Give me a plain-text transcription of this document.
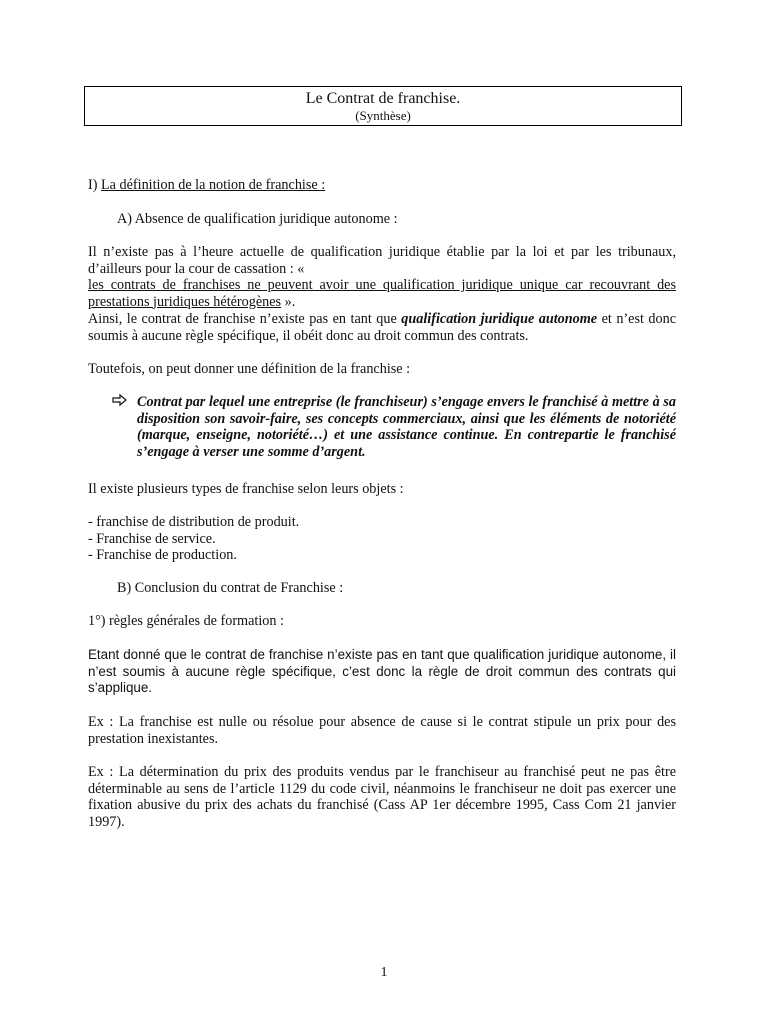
Le Contrat de franchise.
(Synthèse)
I) La définition de la notion de franchise :
A) Absence de qualification juridique autonome :
Il n’existe pas à l’heure actuelle de qualification juridique établie par la loi et par les tribunaux, d’ailleurs pour la cour de cassation : «les contrats de franchises ne peuvent avoir une qualification juridique unique car recouvrant des prestations juridiques hétérogènes ».
Ainsi, le contrat de franchise n’existe pas en tant que qualification juridique autonome et n’est donc soumis à aucune règle spécifique, il obéit donc au droit commun des contrats.
Toutefois, on peut donner une définition de la franchise :
Contrat par lequel une entreprise (le franchiseur) s’engage envers le franchisé à mettre à sa disposition son savoir-faire, ses concepts commerciaux, ainsi que les éléments de notoriété (marque, enseigne, notoriété…) et une assistance continue. En contrepartie le franchisé s’engage à verser une somme d’argent.
Il existe plusieurs types de franchise selon leurs objets :
- franchise de distribution de produit.
- Franchise de service.
- Franchise de production.
B) Conclusion du contrat de Franchise :
1°) règles générales de formation :
Etant donné que le contrat de franchise n’existe pas en tant que qualification juridique autonome, il n’est soumis à aucune règle spécifique, c’est donc la règle de droit commun des contrats qui s’applique.
Ex : La franchise est nulle ou résolue pour absence de cause si le contrat stipule un prix pour des prestation inexistantes.
Ex : La détermination du prix des produits vendus par le franchiseur au franchisé peut ne pas être déterminable au sens de l’article 1129 du code civil, néanmoins le franchiseur ne doit pas exercer une fixation abusive du prix des achats du franchisé (Cass AP 1er décembre 1995, Cass Com 21 janvier 1997).
1
